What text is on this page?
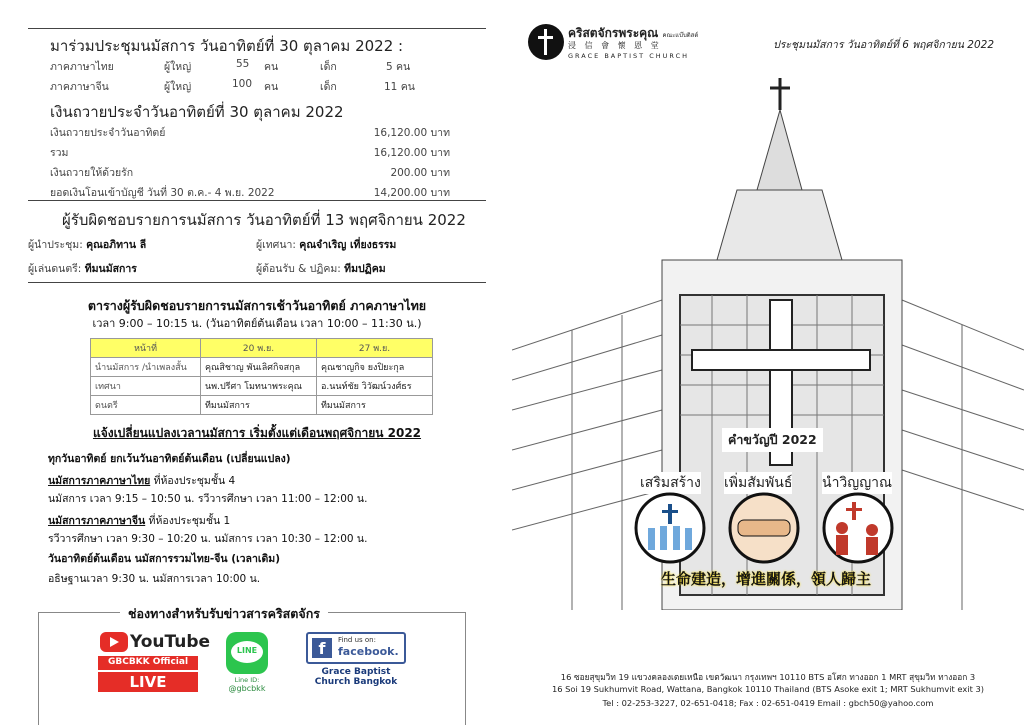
มาร่วมประชุมนมัสการ วันอาทิตย์ที่ 30 ตุลาคม 2022 :
ภาคภาษาไทย	ผู้ใหญ่	55 คน	เด็ก	5 คน
ภาคภาษาจีน	ผู้ใหญ่	100 คน	เด็ก	11 คน
เงินถวายประจำวันอาทิตย์ที่ 30 ตุลาคม 2022
เงินถวายประจำวันอาทิตย์	16,120.00 บาท
รวม	16,120.00 บาท
เงินถวายให้ด้วยรัก	200.00 บาท
ยอดเงินโอนเข้าบัญชี วันที่ 30 ต.ค.- 4 พ.ย. 2022	14,200.00 บาท
ผู้รับผิดชอบรายการนมัสการ วันอาทิตย์ที่ 13 พฤศจิกายน 2022
ผู้นำประชุม: คุณอภิทาน ลี	ผู้เทศนา: คุณจำเริญ เที่ยงธรรม
ผู้เล่นดนตรี: ทีมนมัสการ	ผู้ต้อนรับ & ปฏิคม: ทีมปฏิคม
ตารางผู้รับผิดชอบรายการนมัสการเช้าวันอาทิตย์ ภาคภาษาไทย
เวลา 9:00 – 10:15 น. (วันอาทิตย์ต้นเดือน เวลา 10:00 – 11:30 น.)
หน้าที่	20 พ.ย.	27 พ.ย.
นำนมัสการ /นำเพลงสั้น	คุณสิชาญ พันเลิศกิจสกุล	คุณชาญกิจ ยงปิยะกุล
เทศนา	นพ.ปรีศา โมทนาพระคุณ	อ.นนท์ชัย วิวัฒน์วงศ์ธร
ดนตรี	ทีมนมัสการ	ทีมนมัสการ
แจ้งเปลี่ยนแปลงเวลานมัสการ เริ่มตั้งแต่เดือนพฤศจิกายน 2022
ทุกวันอาทิตย์ ยกเว้นวันอาทิตย์ต้นเดือน (เปลี่ยนแปลง)
นมัสการภาคภาษาไทย ที่ห้องประชุมชั้น 4
นมัสการ เวลา 9:15 – 10:50 น. รวีวารศึกษา เวลา 11:00 – 12:00 น.
นมัสการภาคภาษาจีน ที่ห้องประชุมชั้น 1
รวีวารศึกษา เวลา 9:30 – 10:20 น. นมัสการ เวลา 10:30 – 12:00 น.
วันอาทิตย์ต้นเดือน นมัสการรวมไทย-จีน (เวลาเดิม)
อธิษฐานเวลา 9:30 น. นมัสการเวลา 10:00 น.
ช่องทางสำหรับรับข่าวสารคริสตจักร
YouTube
GBCBKK Official
LIVE
LINE
Line ID:
@gbcbkk
f	Find us on:
facebook.
Grace Baptist
Church Bangkok
คริสตจักรพระคุณ คณะแบ๊บติสต์
浸 信 會 懷 恩 堂
GRACE BAPTIST CHURCH
ประชุมนมัสการ วันอาทิตย์ที่ 6 พฤศจิกายน 2022
คำขวัญปี 2022
เสริมสร้าง เพิ่มสัมพันธ์ นำวิญญาณ
生命建造，增進關係，領人歸主
16 ซอยสุขุมวิท 19 แขวงคลองเตยเหนือ เขตวัฒนา กรุงเทพฯ 10110 BTS อโศก ทางออก 1 MRT สุขุมวิท ทางออก 3
16 Soi 19 Sukhumvit Road, Wattana, Bangkok 10110 Thailand (BTS Asoke exit 1; MRT Sukhumvit exit 3)
Tel : 02-253-3227, 02-651-0418; Fax : 02-651-0419 Email : gbch50@yahoo.com
